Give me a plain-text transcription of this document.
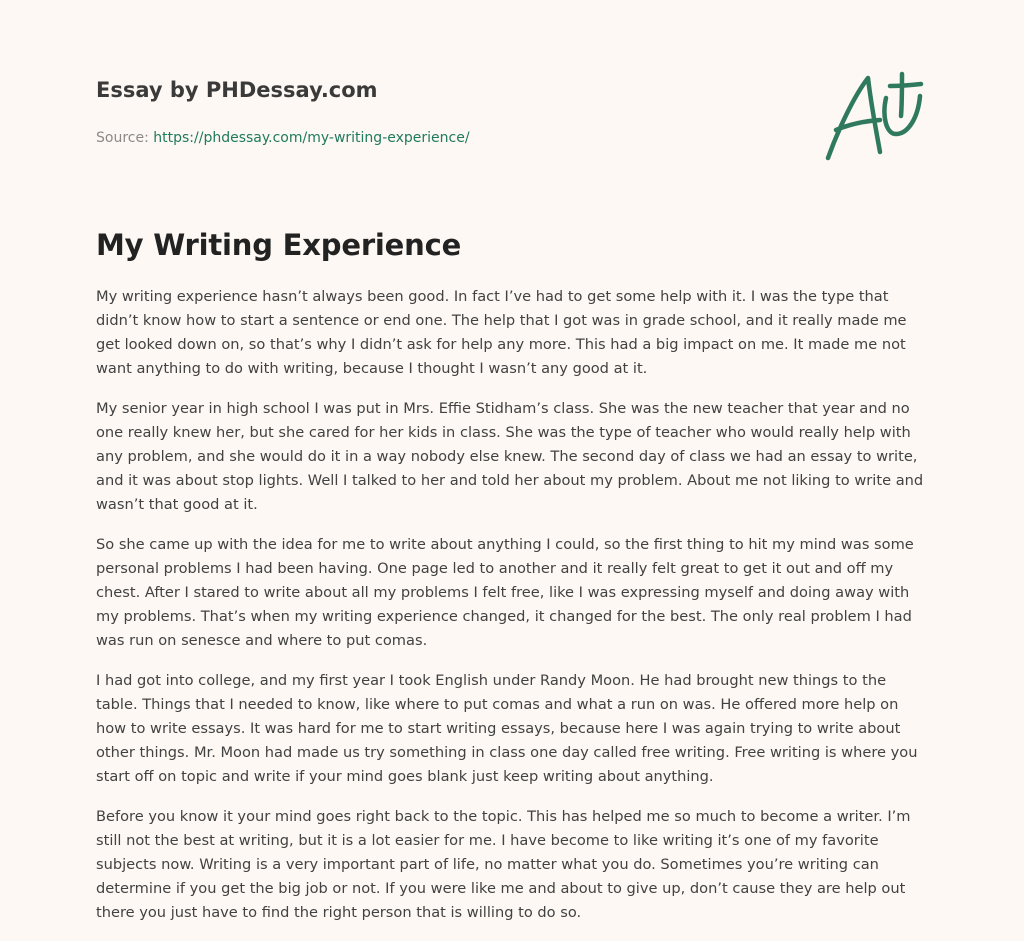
Essay by PHDessay.com
Source: https://phdessay.com/my-writing-experience/
My Writing Experience

My writing experience hasn’t always been good. In fact I’ve had to get some help with it. I was the type that didn’t know how to start a sentence or end one. The help that I got was in grade school, and it really made me get looked down on, so that’s why I didn’t ask for help any more. This had a big impact on me. It made me not want anything to do with writing, because I thought I wasn’t any good at it.

My senior year in high school I was put in Mrs. Effie Stidham’s class. She was the new teacher that year and no one really knew her, but she cared for her kids in class. She was the type of teacher who would really help with any problem, and she would do it in a way nobody else knew. The second day of class we had an essay to write, and it was about stop lights. Well I talked to her and told her about my problem. About me not liking to write and wasn’t that good at it.

So she came up with the idea for me to write about anything I could, so the first thing to hit my mind was some personal problems I had been having. One page led to another and it really felt great to get it out and off my chest. After I stared to write about all my problems I felt free, like I was expressing myself and doing away with my problems. That’s when my writing experience changed, it changed for the best. The only real problem I had was run on senesce and where to put comas.

I had got into college, and my first year I took English under Randy Moon. He had brought new things to the table. Things that I needed to know, like where to put comas and what a run on was. He offered more help on how to write essays. It was hard for me to start writing essays, because here I was again trying to write about other things. Mr. Moon had made us try something in class one day called free writing. Free writing is where you start off on topic and write if your mind goes blank just keep writing about anything.

Before you know it your mind goes right back to the topic. This has helped me so much to become a writer. I’m still not the best at writing, but it is a lot easier for me. I have become to like writing it’s one of my favorite subjects now. Writing is a very important part of life, no matter what you do. Sometimes you’re writing can determine if you get the big job or not. If you were like me and about to give up, don’t cause they are help out there you just have to find the right person that is willing to do so.
